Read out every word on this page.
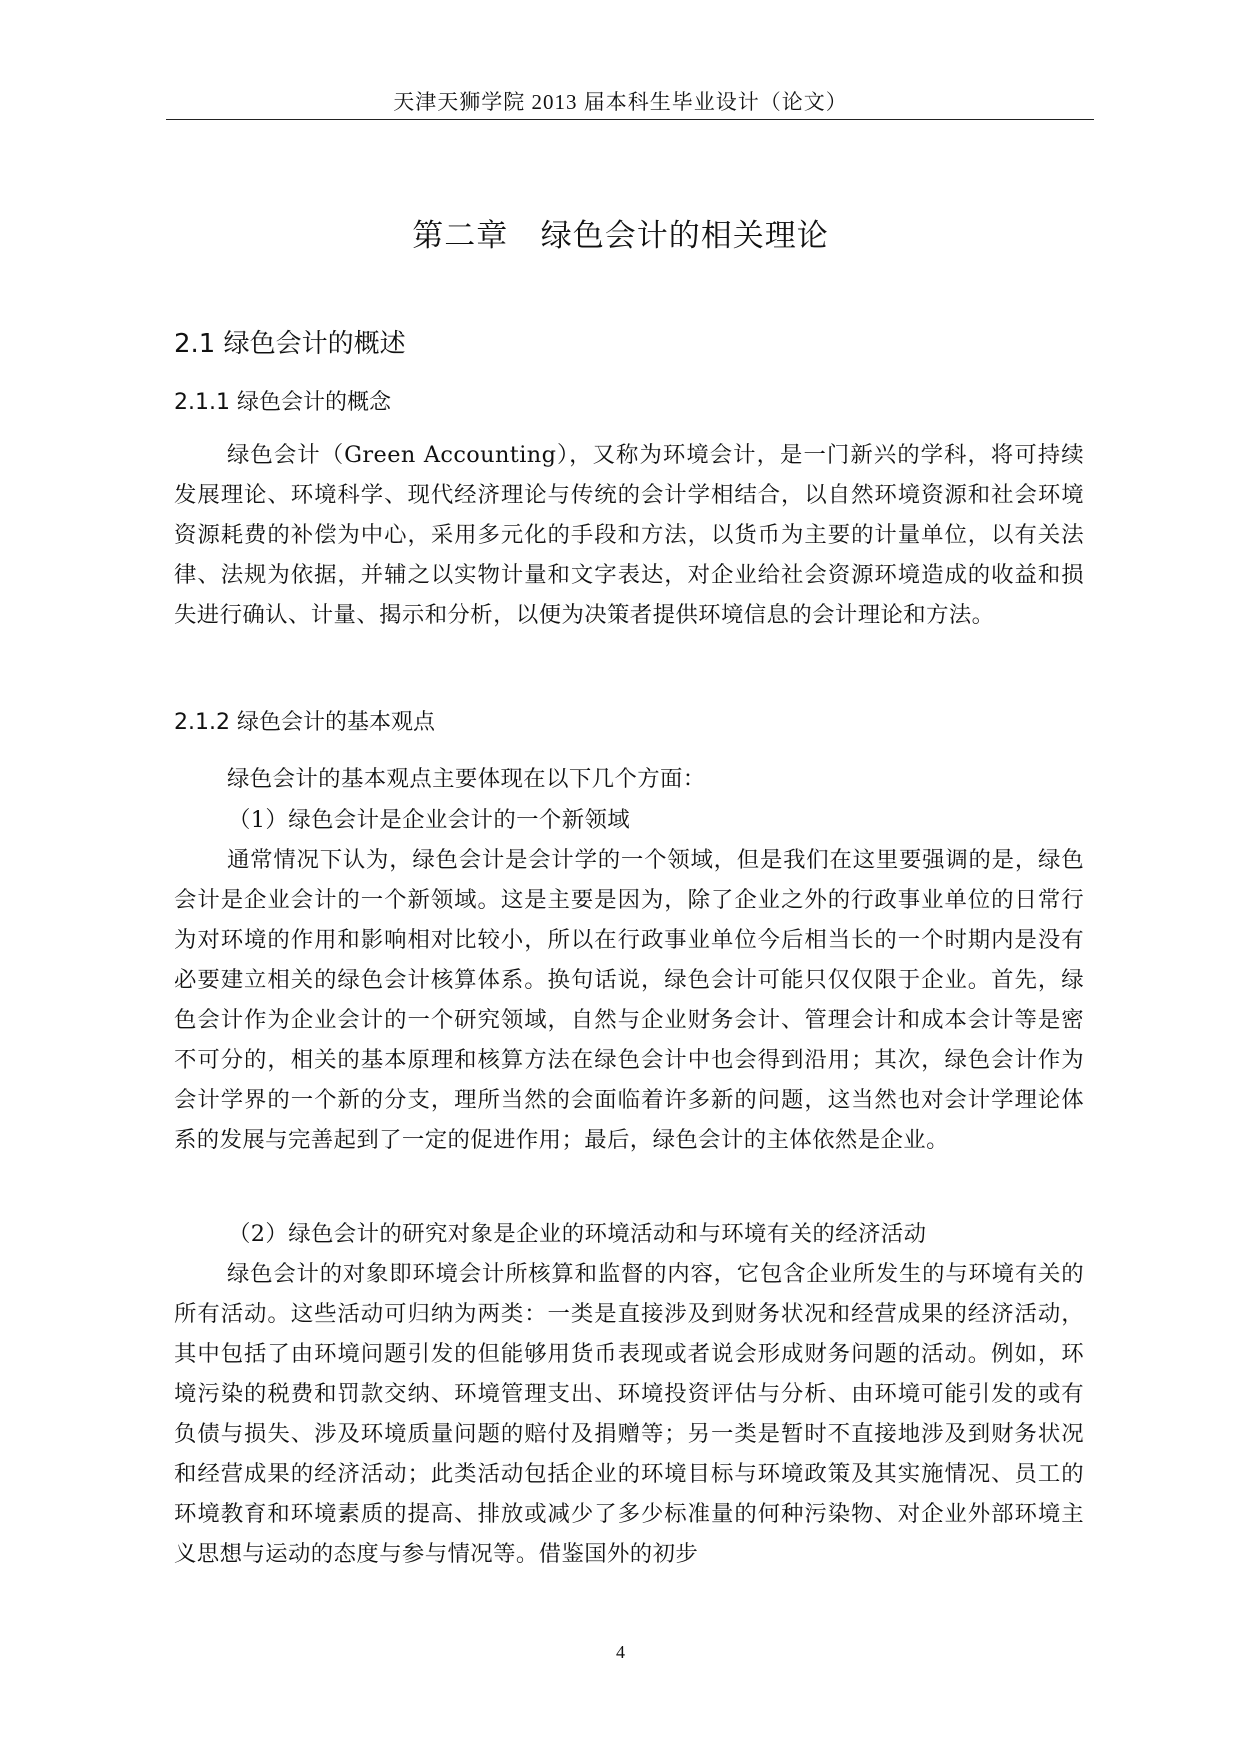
天津天狮学院 2013 届本科生毕业设计（论文）
第二章   绿色会计的相关理论
2.1 绿色会计的概述
2.1.1 绿色会计的概念

绿色会计（Green Accounting），又称为环境会计，是一门新兴的学科，将可持续发展理论、环境科学、现代经济理论与传统的会计学相结合，以自然环境资源和社会环境资源耗费的补偿为中心，采用多元化的手段和方法，以货币为主要的计量单位，以有关法律、法规为依据，并辅之以实物计量和文字表达，对企业给社会资源环境造成的收益和损失进行确认、计量、揭示和分析，以便为决策者提供环境信息的会计理论和方法。

2.1.2 绿色会计的基本观点

绿色会计的基本观点主要体现在以下几个方面：

（1）绿色会计是企业会计的一个新领域

通常情况下认为，绿色会计是会计学的一个领域，但是我们在这里要强调的是，绿色会计是企业会计的一个新领域。这是主要是因为，除了企业之外的行政事业单位的日常行为对环境的作用和影响相对比较小，所以在行政事业单位今后相当长的一个时期内是没有必要建立相关的绿色会计核算体系。换句话说，绿色会计可能只仅仅限于企业。首先，绿色会计作为企业会计的一个研究领域，自然与企业财务会计、管理会计和成本会计等是密不可分的，相关的基本原理和核算方法在绿色会计中也会得到沿用；其次，绿色会计作为会计学界的一个新的分支，理所当然的会面临着许多新的问题，这当然也对会计学理论体系的发展与完善起到了一定的促进作用；最后，绿色会计的主体依然是企业。

（2）绿色会计的研究对象是企业的环境活动和与环境有关的经济活动

绿色会计的对象即环境会计所核算和监督的内容，它包含企业所发生的与环境有关的所有活动。这些活动可归纳为两类：一类是直接涉及到财务状况和经营成果的经济活动，其中包括了由环境问题引发的但能够用货币表现或者说会形成财务问题的活动。例如，环境污染的税费和罚款交纳、环境管理支出、环境投资评估与分析、由环境可能引发的或有负债与损失、涉及环境质量问题的赔付及捐赠等；另一类是暂时不直接地涉及到财务状况和经营成果的经济活动；此类活动包括企业的环境目标与环境政策及其实施情况、员工的环境教育和环境素质的提高、排放或减少了多少标准量的何种污染物、对企业外部环境主义思想与运动的态度与参与情况等。借鉴国外的初步

4
